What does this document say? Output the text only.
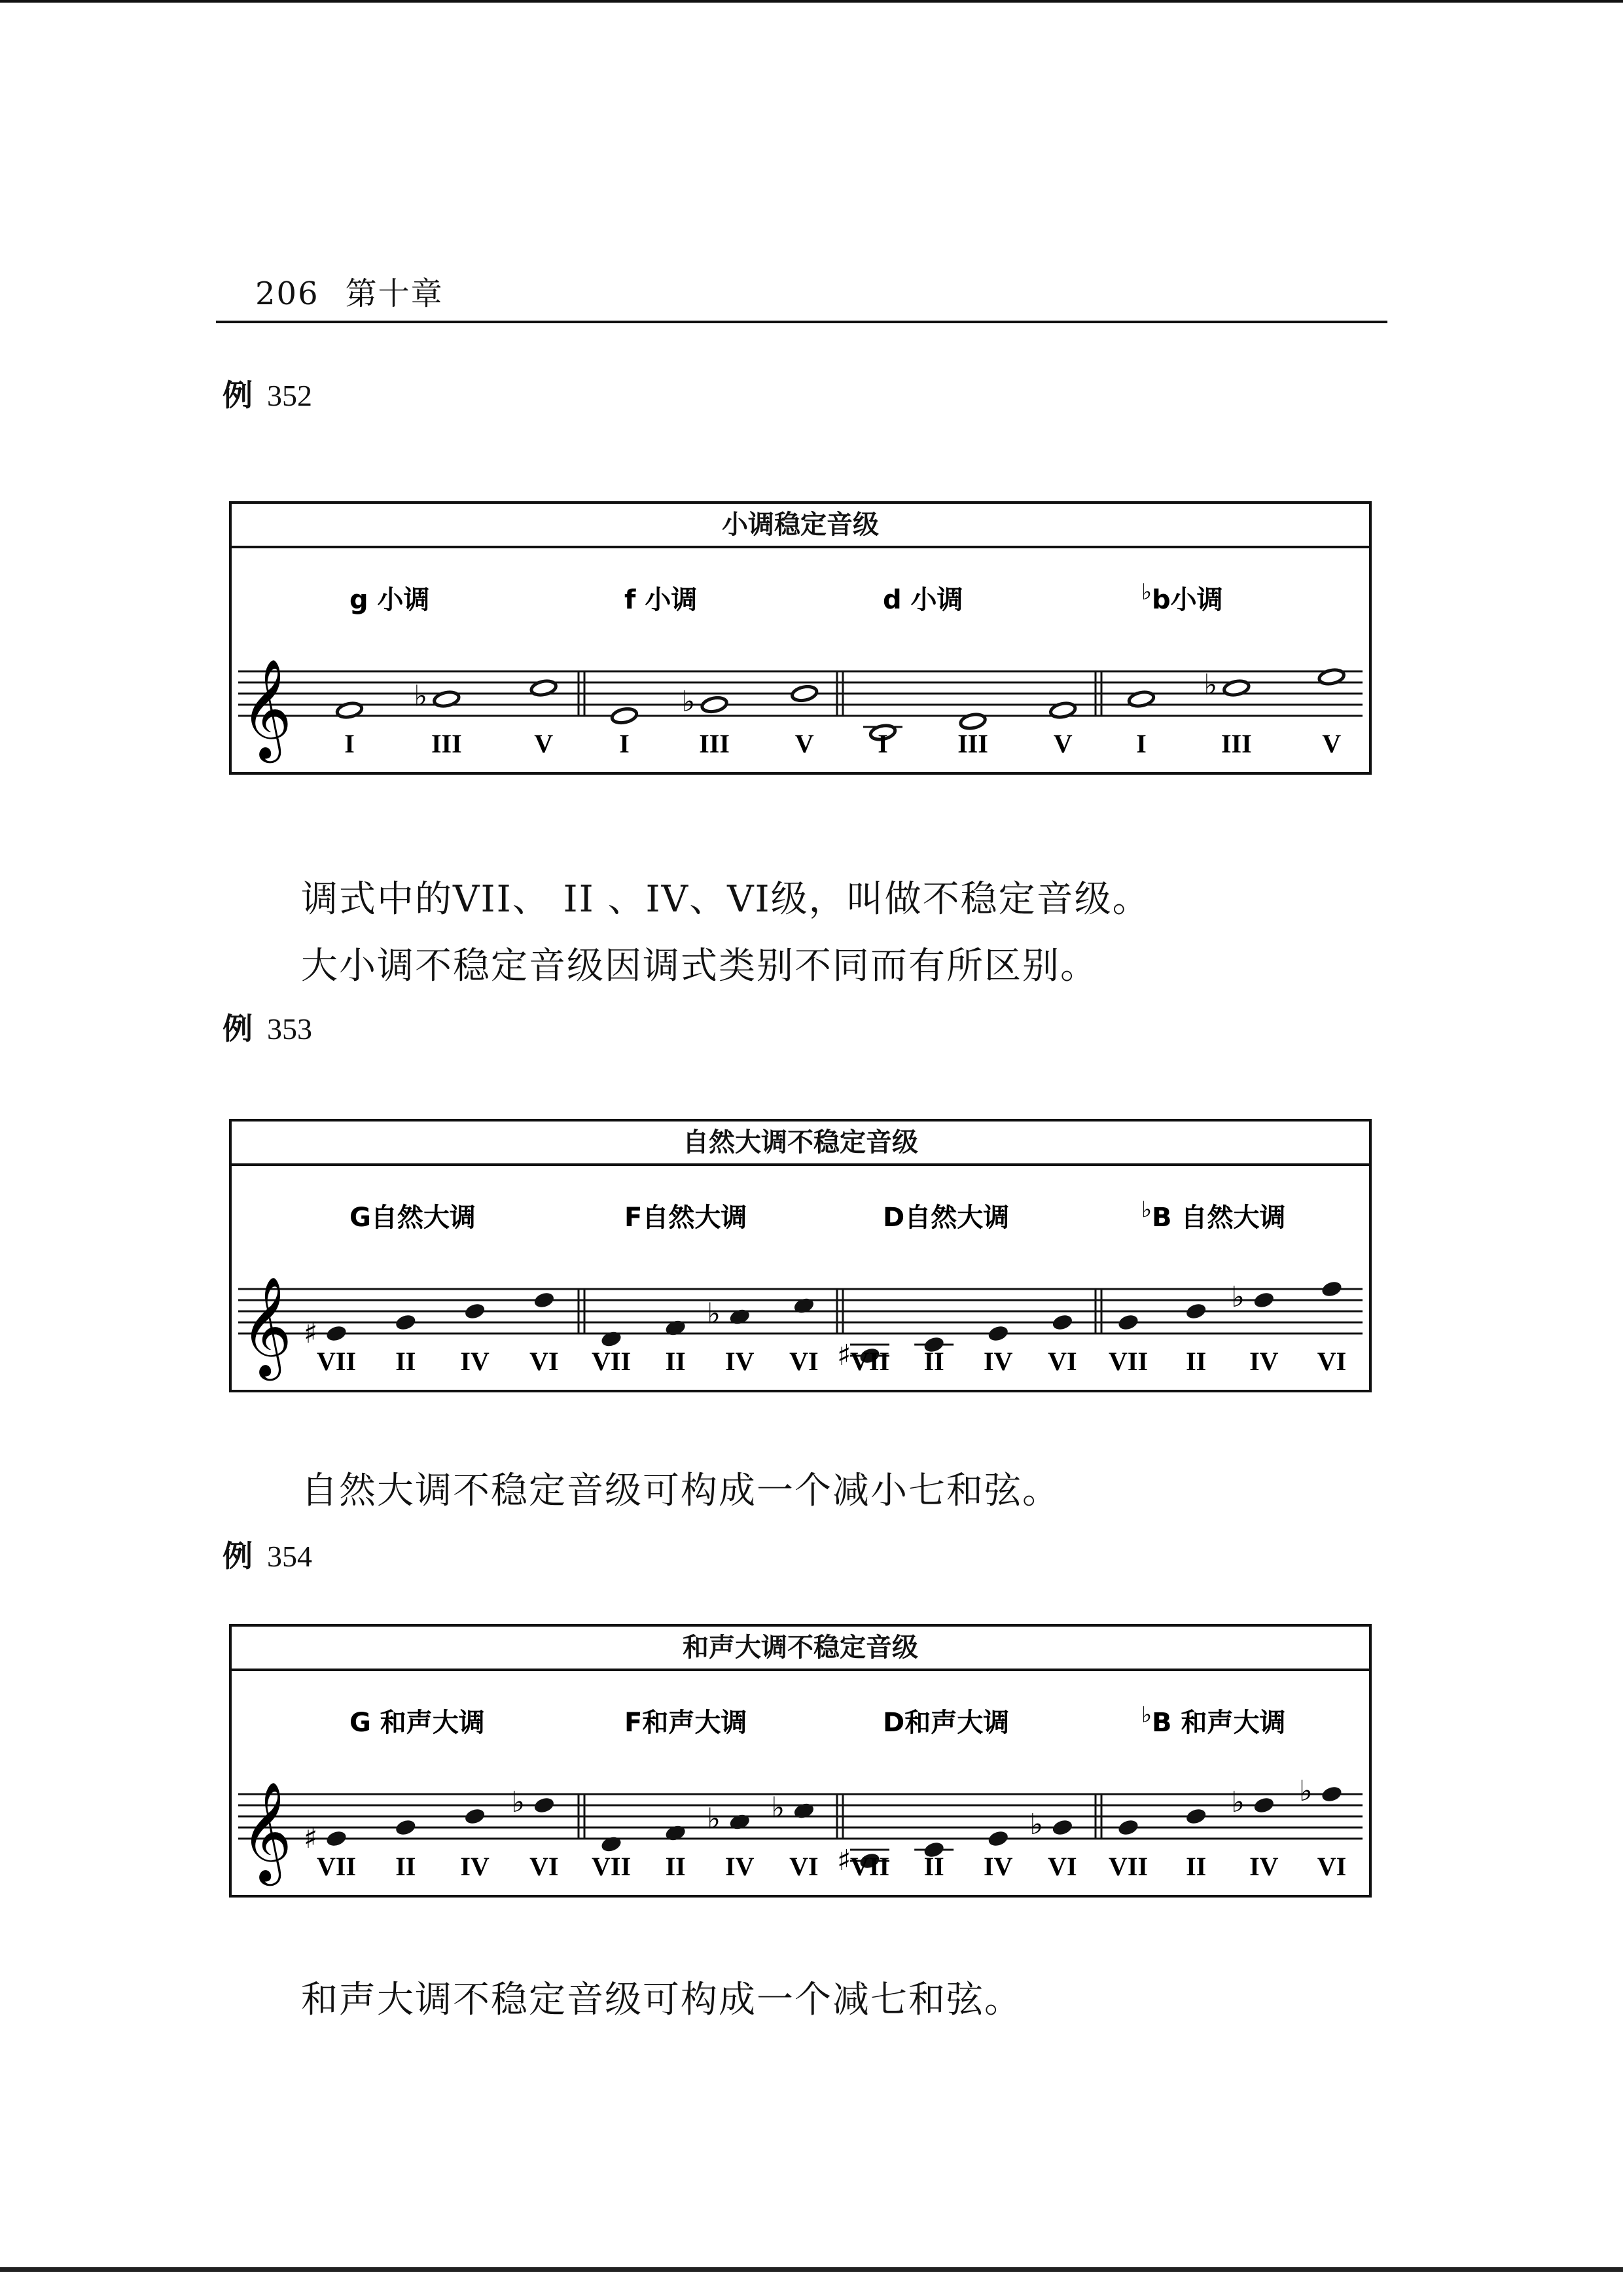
206 第十章
例 352
小调稳定音级
𝄞
g 小调
I
♭
III	V
f 小调
I
♭
III V
d 小调
I	III V
♭b小调
I
♭
III	V
调式中的VII、 II 、IV、VI级，叫做不稳定音级。
大小调不稳定音级因调式类别不同而有所区别。
例 353
自然大调不稳定音级
𝄞
G自然大调
♯
VII II IV VI
F自然大调
VII II
♭
IV VI
D自然大调
♯
VII II IV VI
♭B 自然大调
VII II
♭
IV VI
自然大调不稳定音级可构成一个减小七和弦。
例 354
和声大调不稳定音级
𝄞
G 和声大调
♯
VII II IV
♭
VI
F和声大调
VII II
♭
IV
♭
VI
D和声大调
♯
VII II IV
♭
VI
♭B 和声大调
VII II
♭
IV
♭
VI
和声大调不稳定音级可构成一个减七和弦。
